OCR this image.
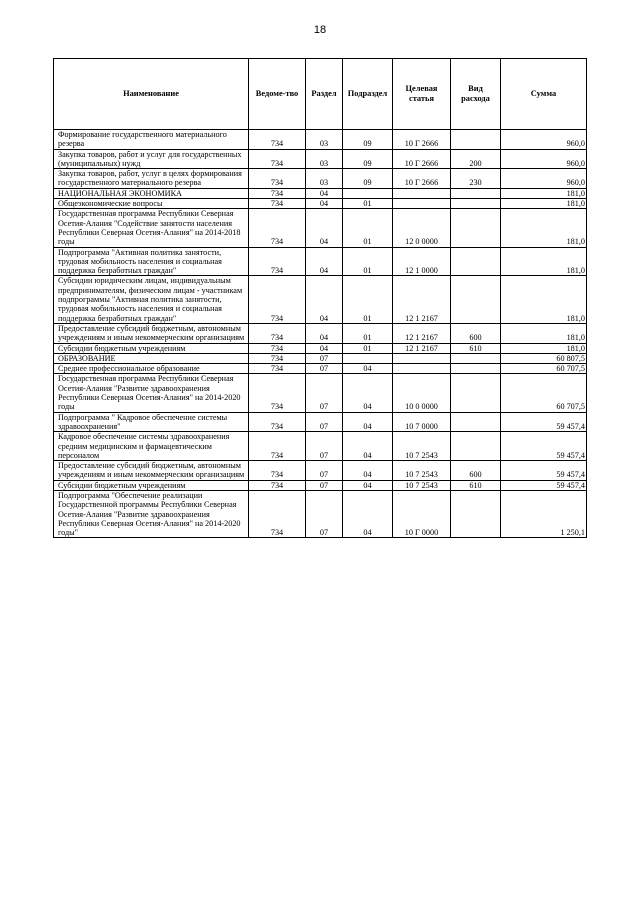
18
Наименование	Ведоме-тво	Раздел	Подраздел	Целевая статья	Вид расхода	Сумма
Формирование государственного материального резерва	734	03	09	10 Г 2666		960,0
Закупка товаров, работ и услуг для государственных (муниципальных) нужд	734	03	09	10 Г 2666	200	960,0
Закупка товаров, работ, услуг в целях формирования государственного материального резерва	734	03	09	10 Г 2666	230	960,0
НАЦИОНАЛЬНАЯ ЭКОНОМИКА	734	04				181,0
Общеэкономические вопросы	734	04	01			181,0
Государственная программа Республики Северная Осетия-Алания "Содействие занятости населения Республики Северная Осетия-Алания" на 2014-2018 годы	734	04	01	12 0 0000		181,0
Подпрограмма "Активная политика занятости, трудовая мобильность населения и социальная поддержка безработных граждан"	734	04	01	12 1 0000		181,0
Субсидии юридическим лицам, индивидуальным предпринимателям, физическим лицам - участникам подпрограммы "Активная политика занятости, трудовая мобильность населения и социальная поддержка безработных граждан"	734	04	01	12 1 2167		181,0
Предоставление субсидий бюджетным, автономным учреждениям и иным некоммерческим организациям	734	04	01	12 1 2167	600	181,0
Субсидии бюджетным учреждениям	734	04	01	12 1 2167	610	181,0
ОБРАЗОВАНИЕ	734	07				60 807,5
Среднее профессиональное образование	734	07	04			60 707,5
Государственная программа Республики Северная Осетия-Алания "Развитие здравоохранения Республики Северная Осетия-Алания" на 2014-2020 годы	734	07	04	10 0 0000		60 707,5
Подпрограмма " Кадровое обеспечение системы здравоохранения"	734	07	04	10 7 0000		59 457,4
Кадровое обеспечение системы здравоохранения средним медицинским и фармацевтическим персоналом	734	07	04	10 7 2543		59 457,4
Предоставление субсидий бюджетным, автономным учреждениям и иным некоммерческим организациям	734	07	04	10 7 2543	600	59 457,4
Субсидии бюджетным учреждениям	734	07	04	10 7 2543	610	59 457,4
Подпрограмма "Обеспечение реализации Государственной программы Республики Северная Осетия-Алания "Развитие здравоохранения Республики Северная Осетия-Алания" на 2014-2020 годы"	734	07	04	10 Г 0000		1 250,1
